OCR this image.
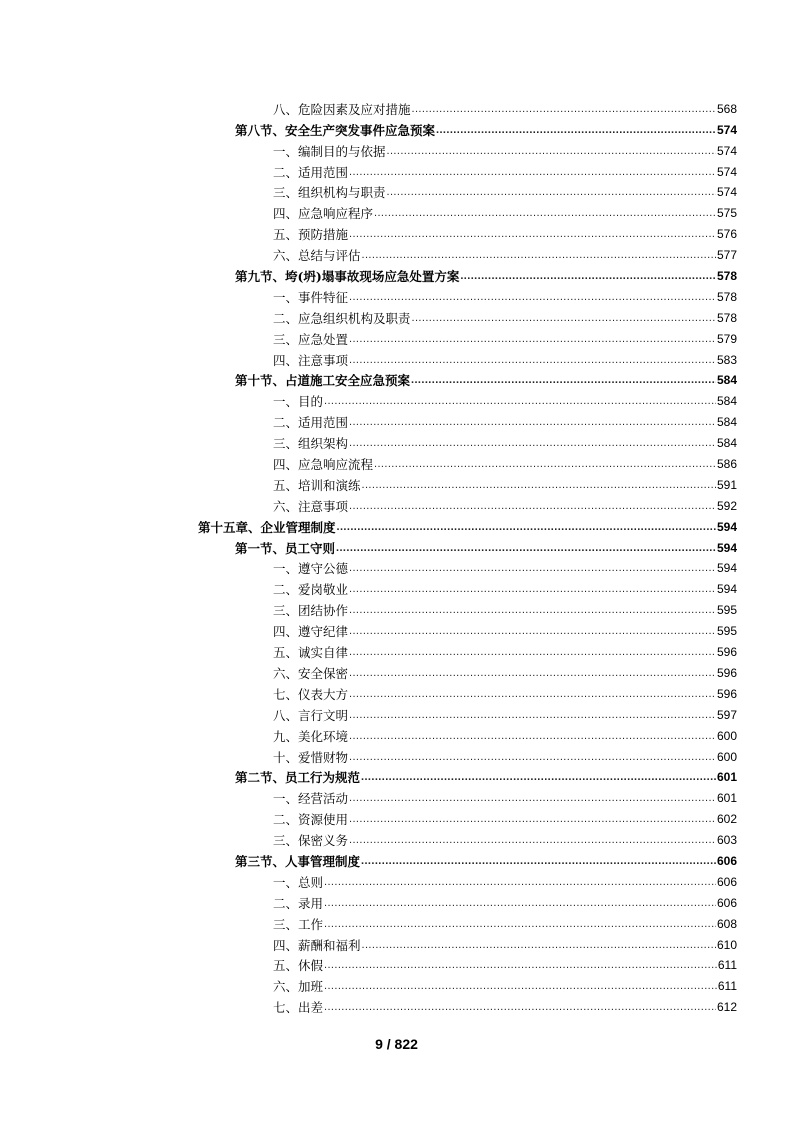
八、危险因素及应对措施 .....	568
第八节、安全生产突发事件应急预案 .....	574
一、编制目的与依据 .....	574
二、适用范围 .....	574
三、组织机构与职责 .....	574
四、应急响应程序 .....	575
五、预防措施 .....	576
六、总结与评估 .....	577
第九节、垮(坍)塌事故现场应急处置方案 .....	578
一、事件特征 .....	578
二、应急组织机构及职责 .....	578
三、应急处置 .....	579
四、注意事项 .....	583
第十节、占道施工安全应急预案 .....	584
一、目的 .....	584
二、适用范围 .....	584
三、组织架构 .....	584
四、应急响应流程 .....	586
五、培训和演练 .....	591
六、注意事项 .....	592
第十五章、企业管理制度 .....	594
第一节、员工守则 .....	594
一、遵守公德 .....	594
二、爱岗敬业 .....	594
三、团结协作 .....	595
四、遵守纪律 .....	595
五、诚实自律 .....	596
六、安全保密 .....	596
七、仪表大方 .....	596
八、言行文明 .....	597
九、美化环境 .....	600
十、爱惜财物 .....	600
第二节、员工行为规范 .....	601
一、经营活动 .....	601
二、资源使用 .....	602
三、保密义务 .....	603
第三节、人事管理制度 .....	606
一、总则 .....	606
二、录用 .....	606
三、工作 .....	608
四、薪酬和福利 .....	610
五、休假 .....	611
六、加班 .....	611
七、出差 .....	612
9 / 822
